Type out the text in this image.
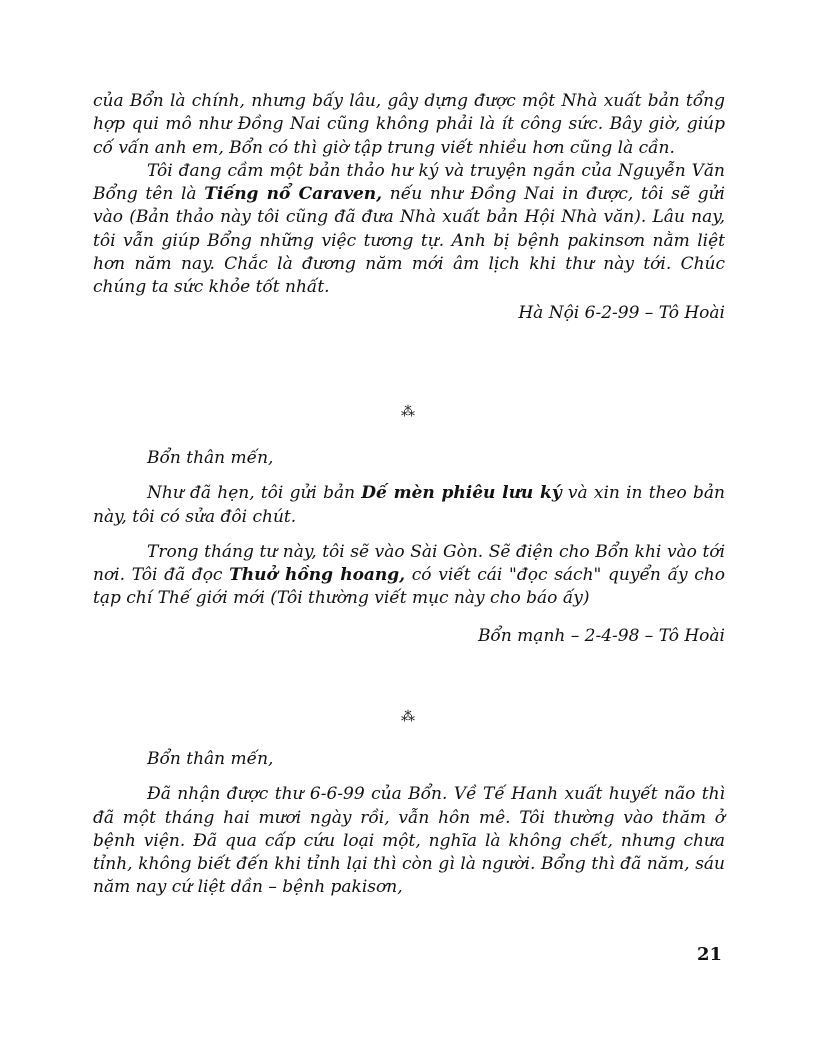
của Bổn là chính, nhưng bấy lâu, gây dựng được một Nhà xuất bản tổng hợp qui mô như Đồng Nai cũng không phải là ít công sức. Bây giờ, giúp cố vấn anh em, Bổn có thì giờ tập trung viết nhiều hơn cũng là cần.

Tôi đang cầm một bản thảo hư ký và truyện ngắn của Nguyễn Văn Bổng tên là Tiếng nổ Caraven, nếu như Đồng Nai in được, tôi sẽ gửi vào (Bản thảo này tôi cũng đã đưa Nhà xuất bản Hội Nhà văn). Lâu nay, tôi vẫn giúp Bổng những việc tương tự. Anh bị bệnh pakinsơn nằm liệt hơn năm nay. Chắc là đương năm mới âm lịch khi thư này tới. Chúc chúng ta sức khỏe tốt nhất.

Hà Nội 6-2-99 – Tô Hoài

⁂

Bổn thân mến,

Như đã hẹn, tôi gửi bản Dế mèn phiêu lưu ký và xin in theo bản này, tôi có sửa đôi chút.

Trong tháng tư này, tôi sẽ vào Sài Gòn. Sẽ điện cho Bổn khi vào tới nơi. Tôi đã đọc Thuở hồng hoang, có viết cái "đọc sách" quyển ấy cho tạp chí Thế giới mới (Tôi thường viết mục này cho báo ấy)

Bổn mạnh – 2-4-98 – Tô Hoài

⁂

Bổn thân mến,

Đã nhận được thư 6-6-99 của Bổn. Về Tế Hanh xuất huyết não thì đã một tháng hai mươi ngày rồi, vẫn hôn mê. Tôi thường vào thăm ở bệnh viện. Đã qua cấp cứu loại một, nghĩa là không chết, nhưng chưa tỉnh, không biết đến khi tỉnh lại thì còn gì là người. Bổng thì đã năm, sáu năm nay cứ liệt dần – bệnh pakisơn,

21
